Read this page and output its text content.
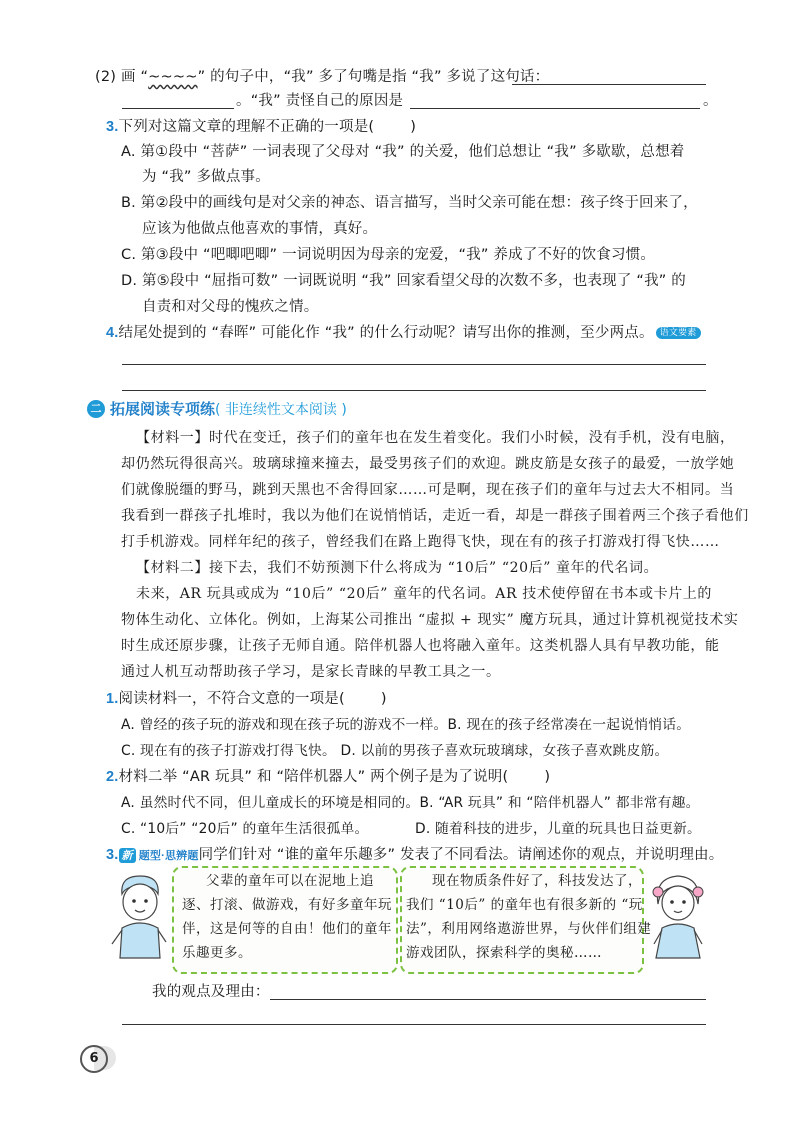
(2) 画 “~~~~” 的句子中，“我” 多了句嘴是指 “我” 多说了这句话：
。“我” 责怪自己的原因是	。
3.下列对这篇文章的理解不正确的一项是( )
A. 第①段中 “菩萨” 一词表现了父母对 “我” 的关爱，他们总想让 “我” 多歇歇，总想着
为 “我” 多做点事。
B. 第②段中的画线句是对父亲的神态、语言描写，当时父亲可能在想：孩子终于回来了，
应该为他做点他喜欢的事情，真好。
C. 第③段中 “吧唧吧唧” 一词说明因为母亲的宠爱，“我” 养成了不好的饮食习惯。
D. 第⑤段中 “屈指可数” 一词既说明 “我” 回家看望父母的次数不多，也表现了 “我” 的
自责和对父母的愧疚之情。
4.结尾处提到的 “春晖” 可能化作 “我” 的什么行动呢？请写出你的推测，至少两点。 语文要素
二 拓展阅读专项练( 非连续性文本阅读 )
【材料一】时代在变迁，孩子们的童年也在发生着变化。我们小时候，没有手机，没有电脑，
却仍然玩得很高兴。玻璃球撞来撞去，最受男孩子们的欢迎。跳皮筋是女孩子的最爱，一放学她
们就像脱缰的野马，跳到天黑也不舍得回家……可是啊，现在孩子们的童年与过去大不相同。当
我看到一群孩子扎堆时，我以为他们在说悄悄话，走近一看，却是一群孩子围着两三个孩子看他们
打手机游戏。同样年纪的孩子，曾经我们在路上跑得飞快，现在有的孩子打游戏打得飞快……
【材料二】接下去，我们不妨预测下什么将成为 “10后” “20后” 童年的代名词。
未来，AR 玩具或成为 “10后” “20后” 童年的代名词。AR 技术使停留在书本或卡片上的
物体生动化、立体化。例如，上海某公司推出 “虚拟 + 现实” 魔方玩具，通过计算机视觉技术实
时生成还原步骤，让孩子无师自通。陪伴机器人也将融入童年。这类机器人具有早教功能，能
通过人机互动帮助孩子学习，是家长青睐的早教工具之一。
1.阅读材料一，不符合文意的一项是( )
A. 曾经的孩子玩的游戏和现在孩子玩的游戏不一样。B. 现在的孩子经常凑在一起说悄悄话。
C. 现在有的孩子打游戏打得飞快。 D. 以前的男孩子喜欢玩玻璃球，女孩子喜欢跳皮筋。
2.材料二举 “AR 玩具” 和 “陪伴机器人” 两个例子是为了说明( )
A. 虽然时代不同，但儿童成长的环境是相同的。B. “AR 玩具” 和 “陪伴机器人” 都非常有趣。
C. “10后” “20后” 的童年生活很孤单。	D. 随着科技的进步，儿童的玩具也日益更新。
3. 新 题型·思辨题同学们针对 “谁的童年乐趣多” 发表了不同看法。请阐述你的观点，并说明理由。
父辈的童年可以在泥地上追
逐、打滚、做游戏，有好多童年玩
伴，这是何等的自由！他们的童年
乐趣更多。
现在物质条件好了，科技发达了，
我们 “10后” 的童年也有很多新的 “玩
法”，利用网络遨游世界，与伙伴们组建
游戏团队，探索科学的奥秘……
我的观点及理由：
6
